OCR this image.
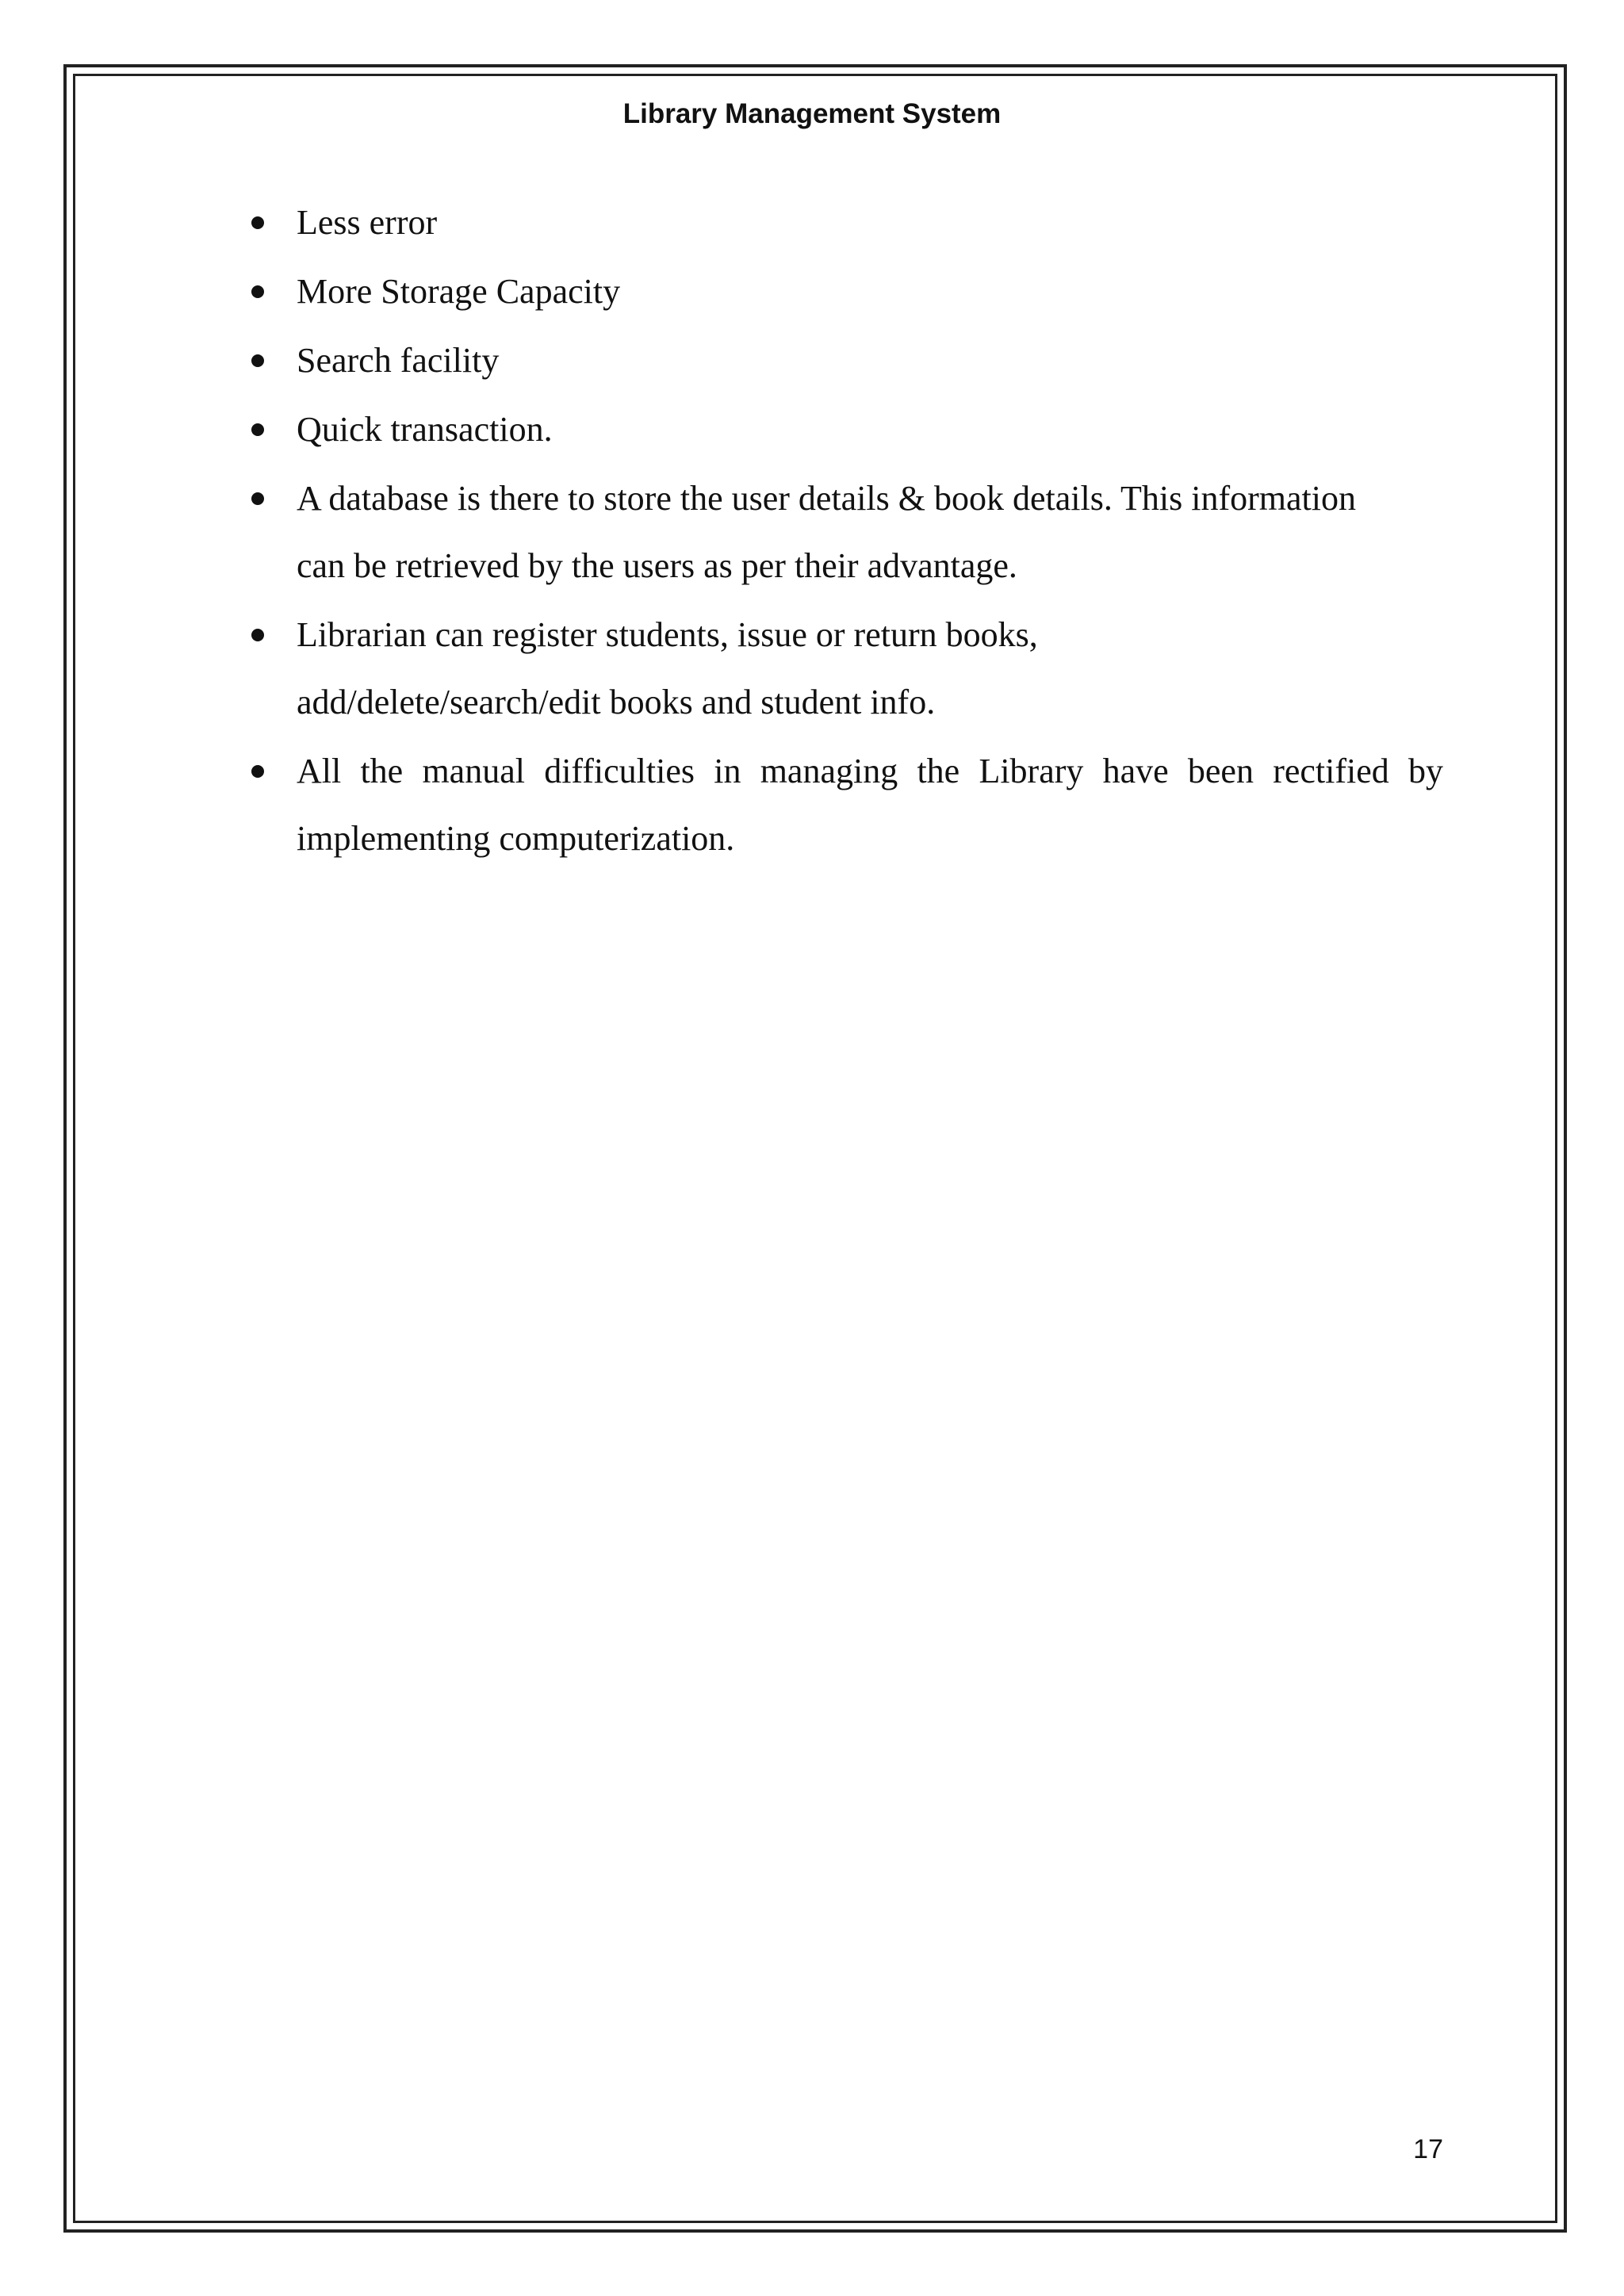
Library Management System
Less error
More Storage Capacity
Search facility
Quick transaction.
A database is there to store the user details & book details. This information can be retrieved by the users as per their advantage.
Librarian can register students, issue or return books, add/delete/search/edit books and student info.
All the manual difficulties in managing the Library have been rectified by implementing computerization.
17
